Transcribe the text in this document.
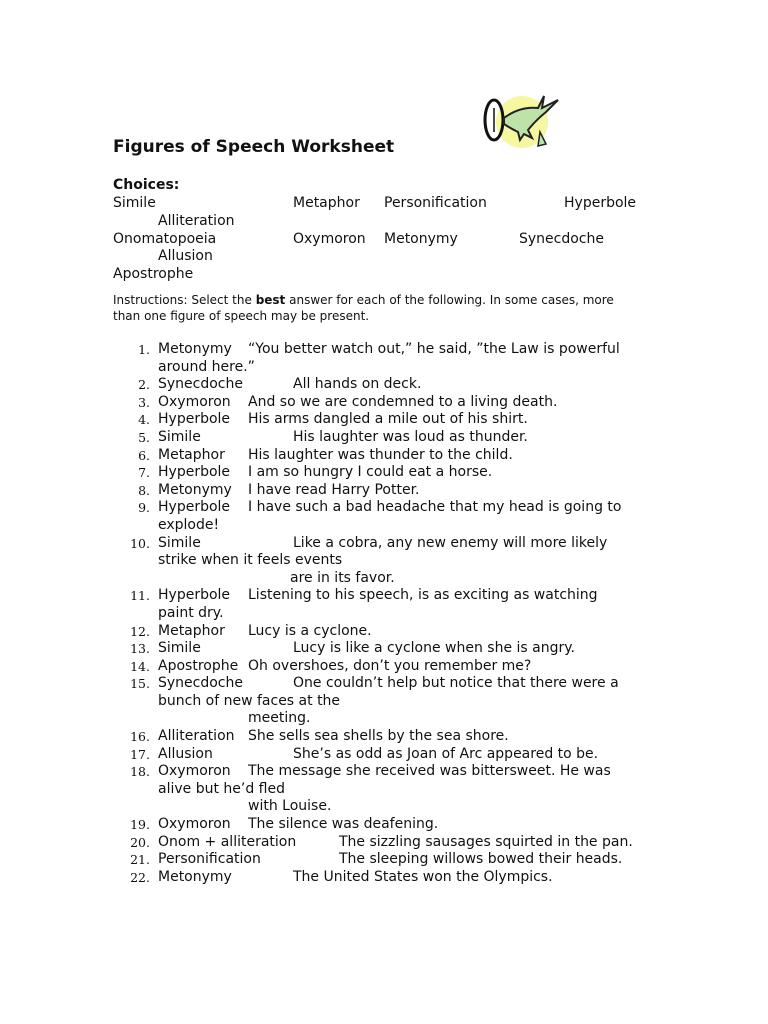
Figures of Speech Worksheet
Choices:
Simile	Metaphor Personification	Hyperbole
Alliteration
Onomatopoeia	Oxymoron Metonymy	Synecdoche
Allusion
Apostrophe
Instructions: Select the best answer for each of the following. In some cases, more
than one figure of speech may be present.
1. Metonymy “You better watch out,” he said, ”the Law is powerful
around here.”
2. Synecdoche	All hands on deck.
3. Oxymoron And so we are condemned to a living death.
4. Hyperbole His arms dangled a mile out of his shirt.
5. Simile	His laughter was loud as thunder.
6. Metaphor His laughter was thunder to the child.
7. Hyperbole I am so hungry I could eat a horse.
8. Metonymy I have read Harry Potter.
9. Hyperbole I have such a bad headache that my head is going to
explode!
10. Simile	Like a cobra, any new enemy will more likely
strike when it feels events
are in its favor.
11. Hyperbole Listening to his speech, is as exciting as watching
paint dry.
12. Metaphor Lucy is a cyclone.
13. Simile	Lucy is like a cyclone when she is angry.
14. Apostrophe Oh overshoes, don’t you remember me?
15. Synecdoche	One couldn’t help but notice that there were a
bunch of new faces at the
meeting.
16. Alliteration She sells sea shells by the sea shore.
17. Allusion	She’s as odd as Joan of Arc appeared to be.
18. Oxymoron The message she received was bittersweet. He was
alive but he’d fled
with Louise.
19. Oxymoron The silence was deafening.
20. Onom + alliteration	The sizzling sausages squirted in the pan.
21. Personification	The sleeping willows bowed their heads.
22. Metonymy	The United States won the Olympics.
